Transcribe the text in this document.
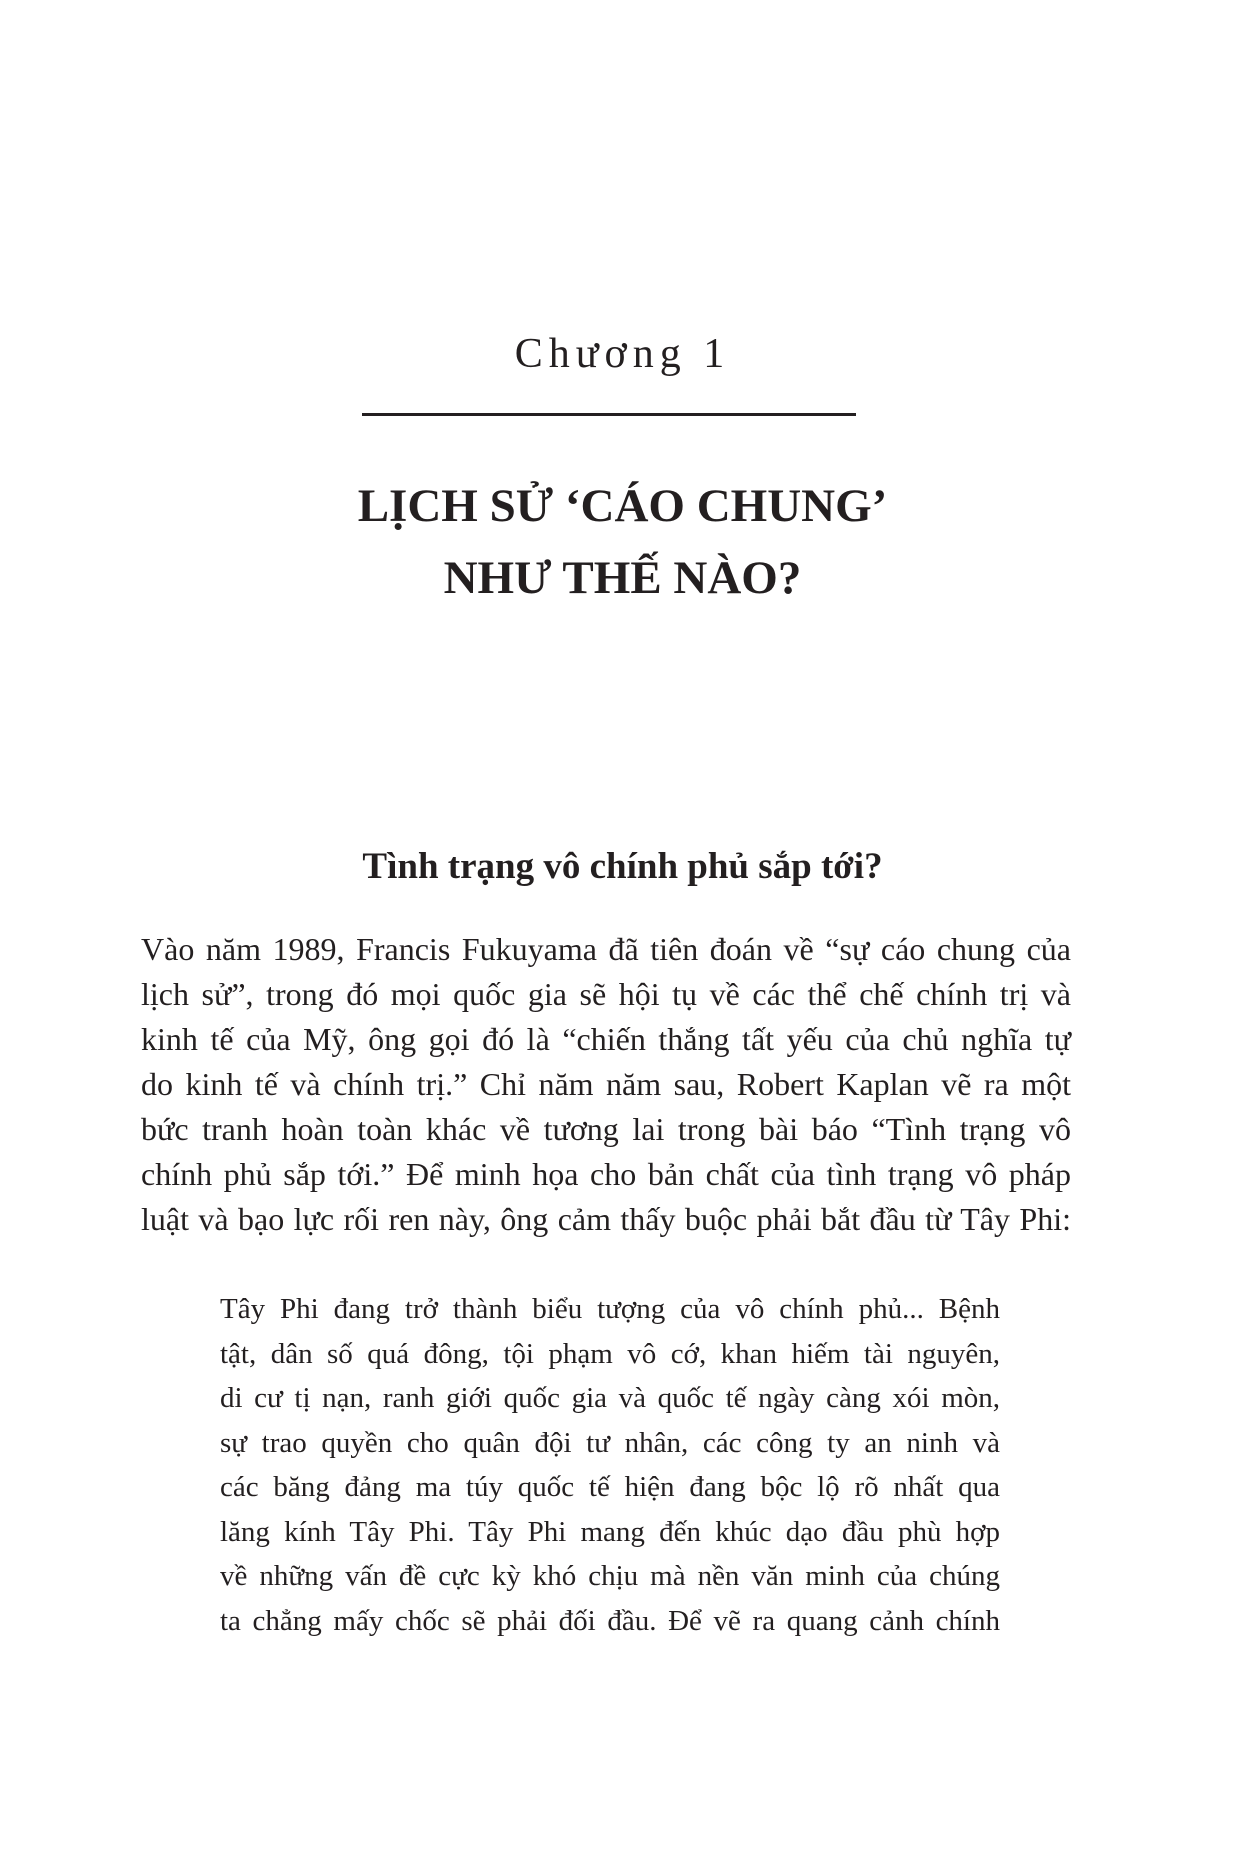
Chương 1
LỊCH SỬ ‘CÁO CHUNG’
NHƯ THẾ NÀO?
Tình trạng vô chính phủ sắp tới?
Vào năm 1989, Francis Fukuyama đã tiên đoán về “sự cáo chung của
lịch sử”, trong đó mọi quốc gia sẽ hội tụ về các thể chế chính trị và
kinh tế của Mỹ, ông gọi đó là “chiến thắng tất yếu của chủ nghĩa tự
do kinh tế và chính trị.” Chỉ năm năm sau, Robert Kaplan vẽ ra một
bức tranh hoàn toàn khác về tương lai trong bài báo “Tình trạng vô
chính phủ sắp tới.” Để minh họa cho bản chất của tình trạng vô pháp
luật và bạo lực rối ren này, ông cảm thấy buộc phải bắt đầu từ Tây Phi:
Tây Phi đang trở thành biểu tượng của vô chính phủ... Bệnh
tật, dân số quá đông, tội phạm vô cớ, khan hiếm tài nguyên,
di cư tị nạn, ranh giới quốc gia và quốc tế ngày càng xói mòn,
sự trao quyền cho quân đội tư nhân, các công ty an ninh và
các băng đảng ma túy quốc tế hiện đang bộc lộ rõ nhất qua
lăng kính Tây Phi. Tây Phi mang đến khúc dạo đầu phù hợp
về những vấn đề cực kỳ khó chịu mà nền văn minh của chúng
ta chẳng mấy chốc sẽ phải đối đầu. Để vẽ ra quang cảnh chính
